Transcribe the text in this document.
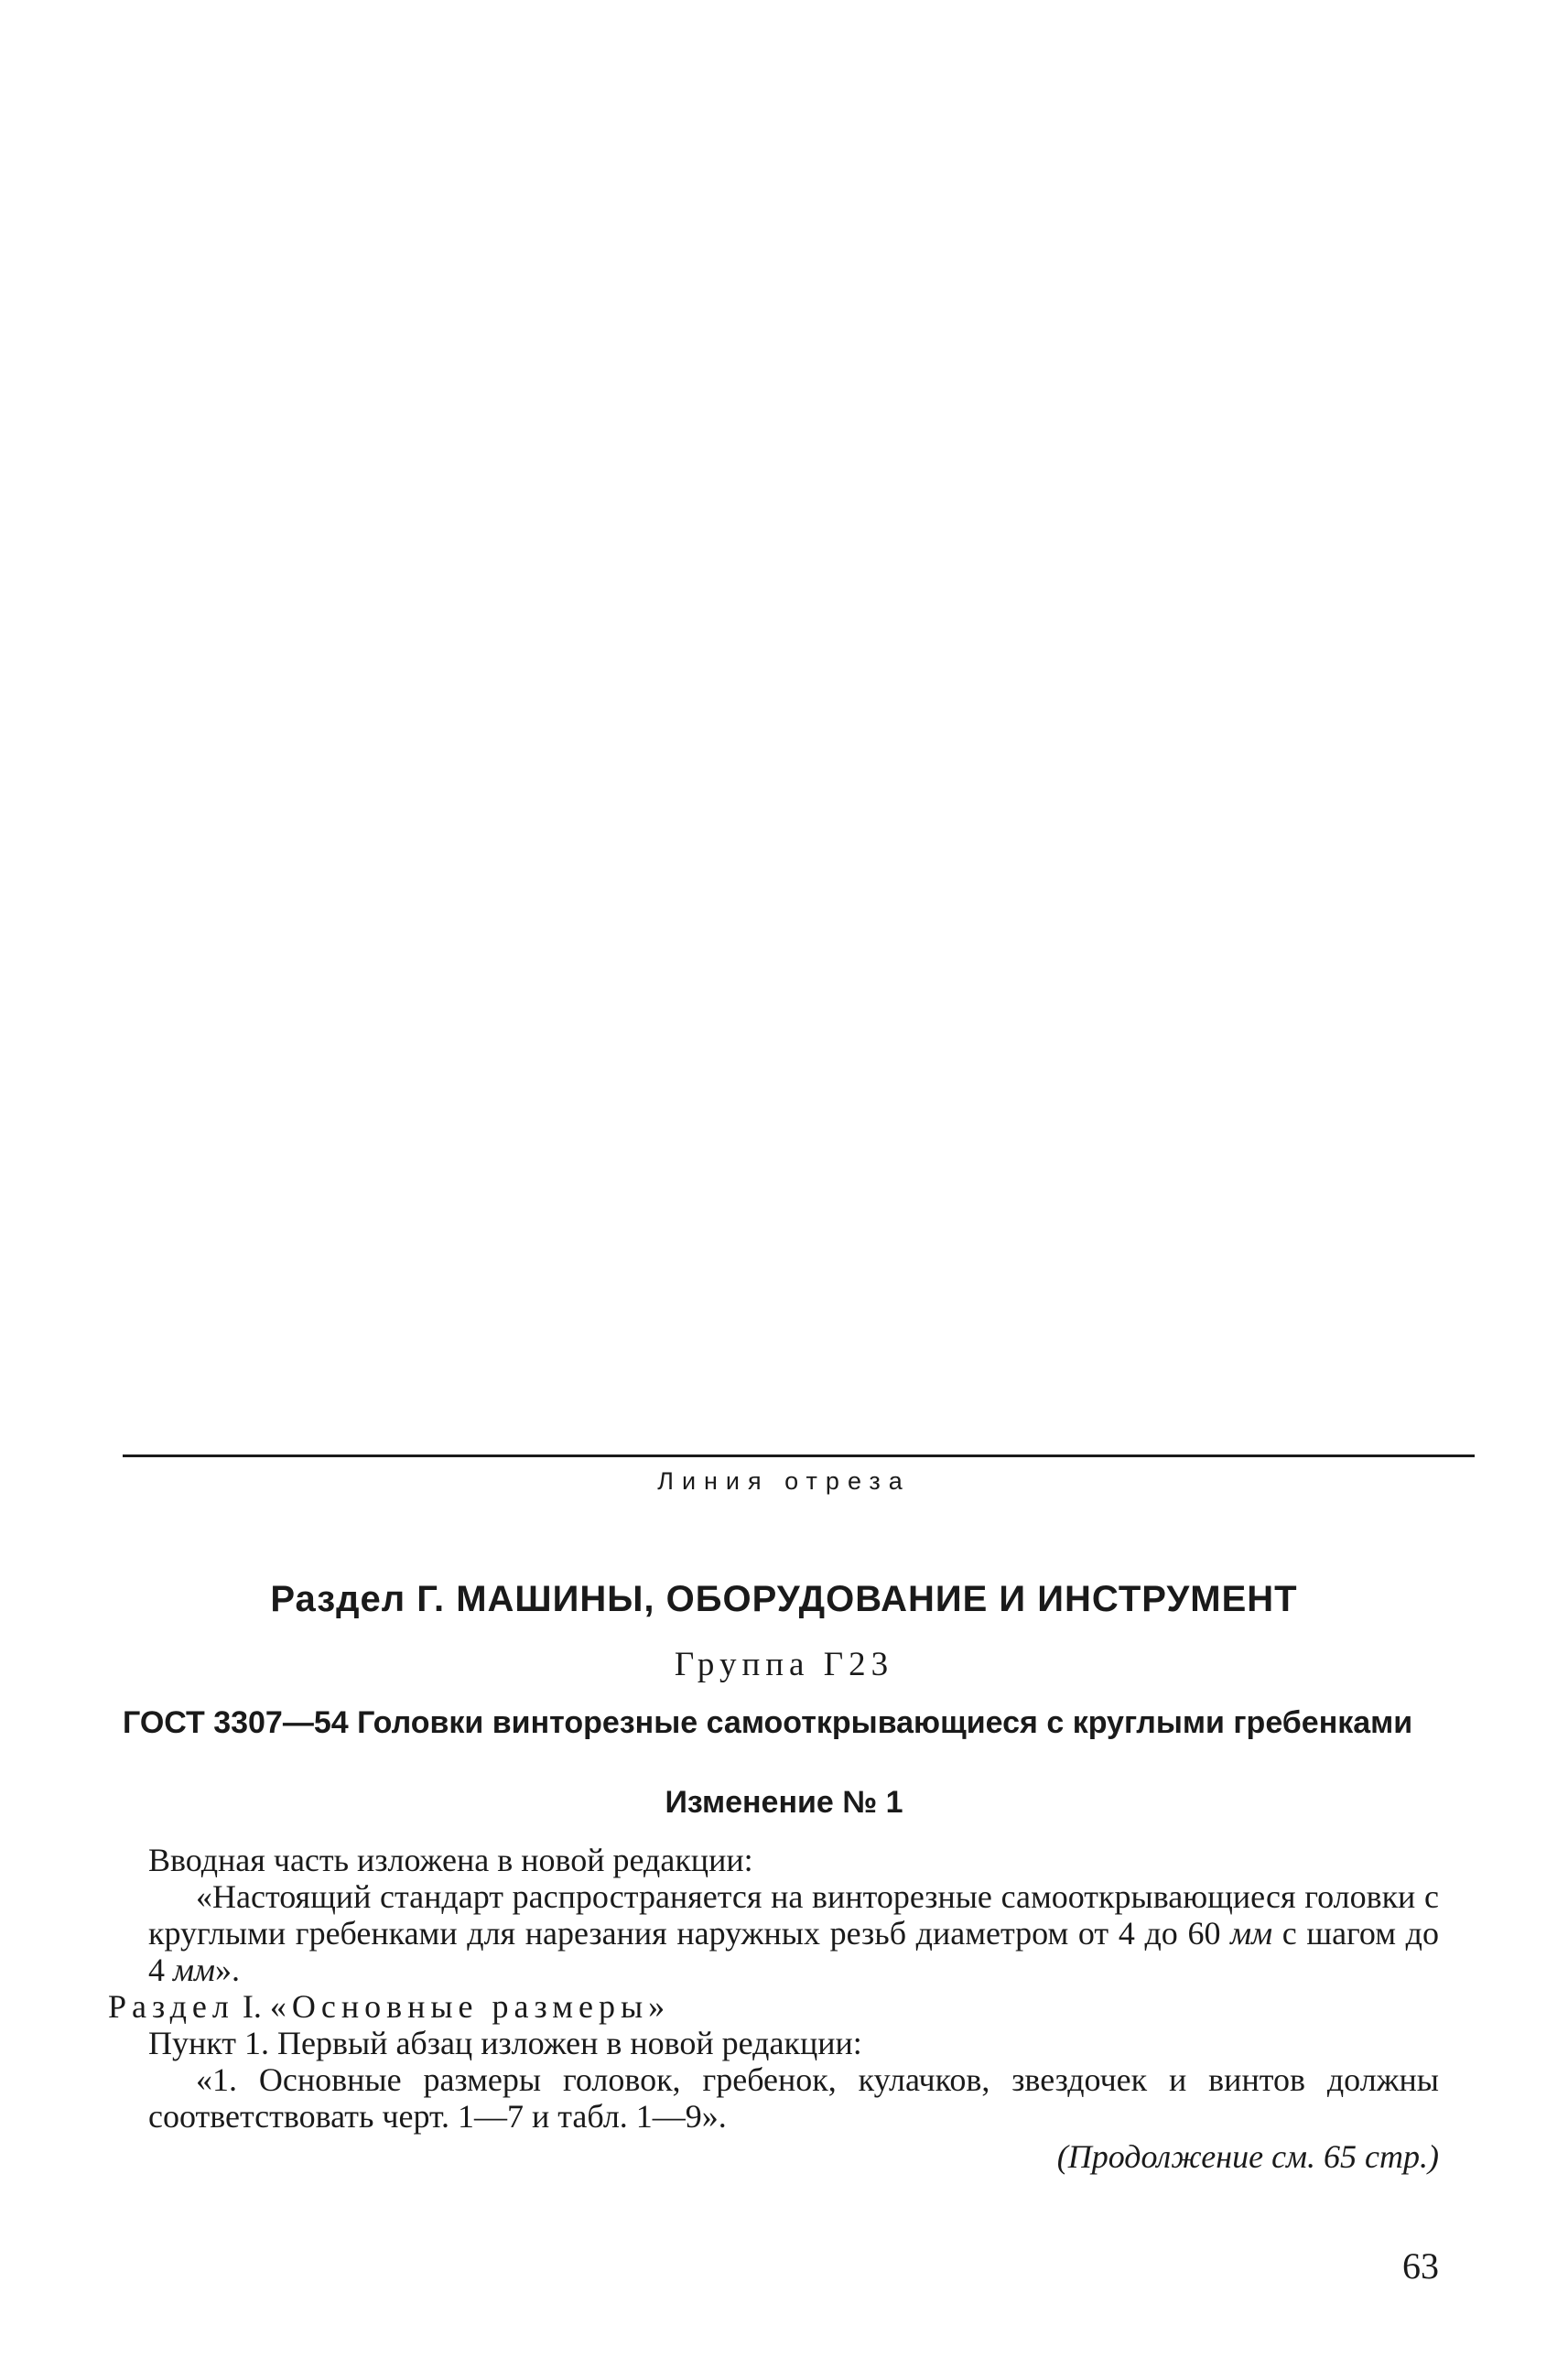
Линия отреза
Раздел Г. МАШИНЫ, ОБОРУДОВАНИЕ И ИНСТРУМЕНТ
Группа Г23
ГОСТ 3307—54 Головки винторезные самооткрывающиеся с круглыми гребенками
Изменение № 1

Вводная часть изложена в новой редакции:

«Настоящий стандарт распространяется на винторезные самооткрывающиеся головки с круглыми гребенками для нарезания наружных резьб диаметром от 4 до 60 мм с шагом до 4 мм».

Раздел I. «Основные размеры»

Пункт 1. Первый абзац изложен в новой редакции:

«1. Основные размеры головок, гребенок, кулачков, звездочек и винтов должны соответствовать черт. 1—7 и табл. 1—9».

(Продолжение см. 65 стр.)

63
